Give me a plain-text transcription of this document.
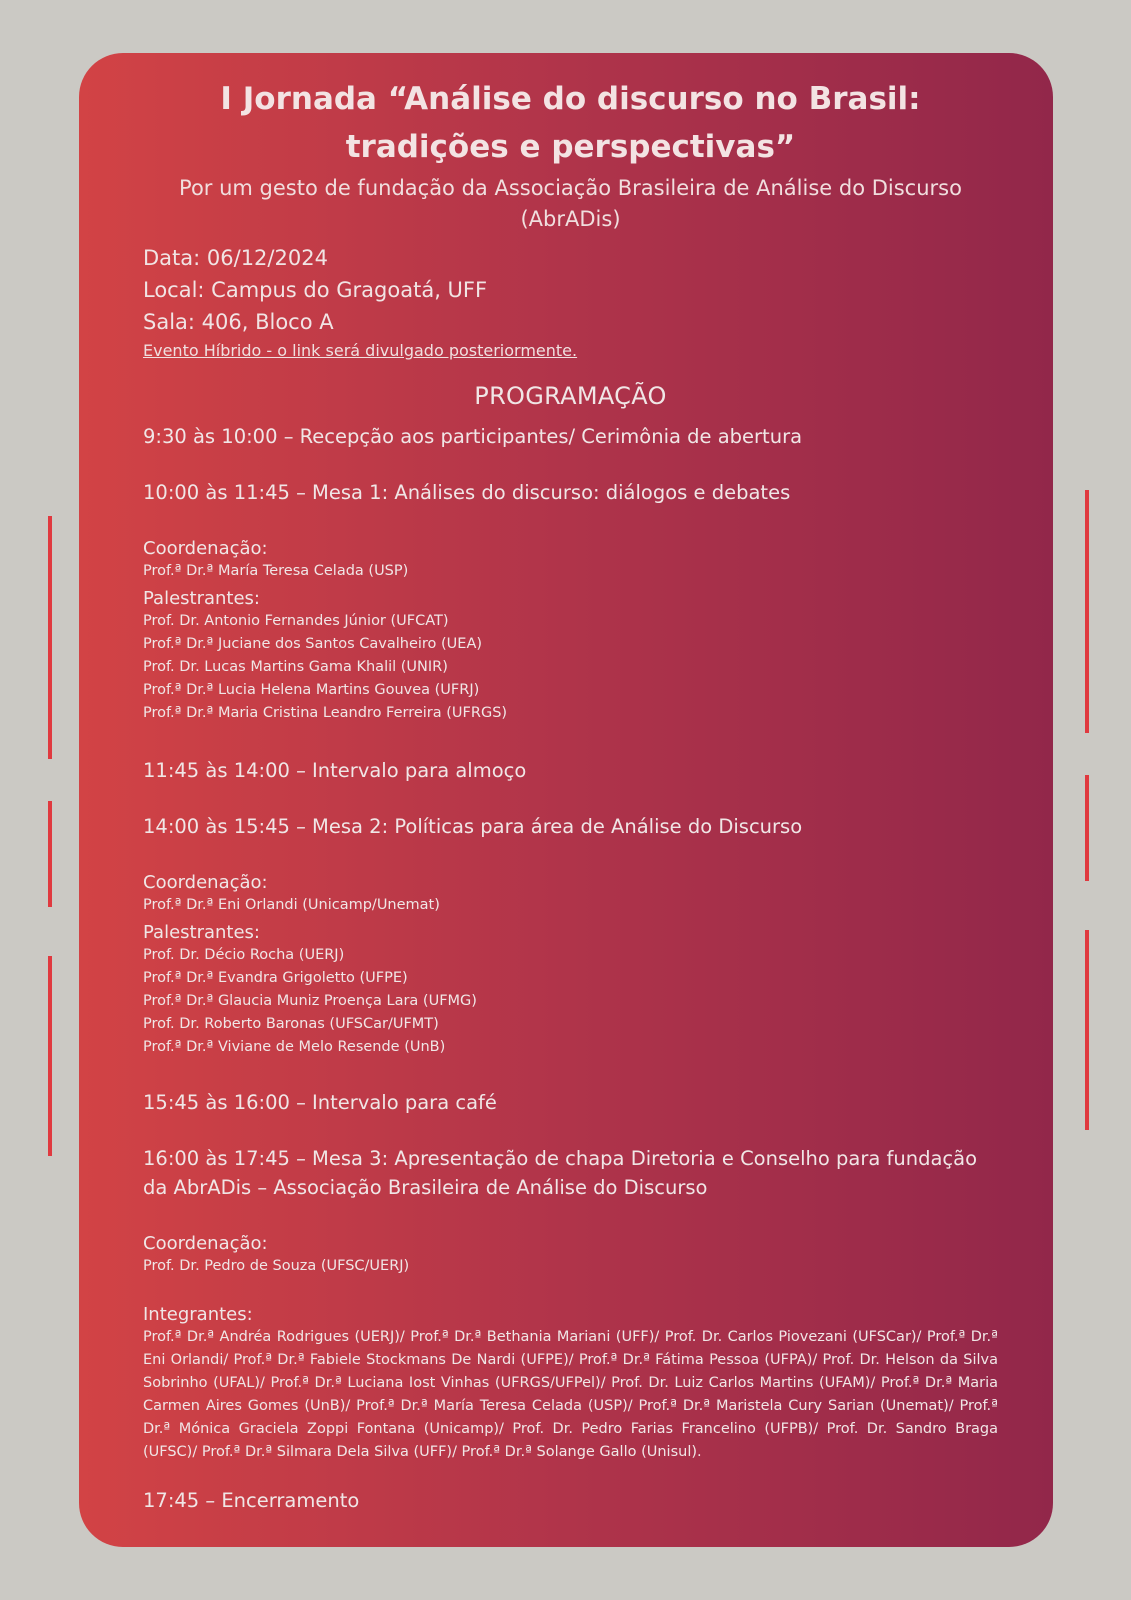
I Jornada “Análise do discurso no Brasil: tradições e perspectivas”
Por um gesto de fundação da Associação Brasileira de Análise do Discurso (AbrADis)
Data: 06/12/2024
Local: Campus do Gragoatá, UFF
Sala: 406, Bloco A
Evento Híbrido - o link será divulgado posteriormente.
PROGRAMAÇÃO
9:30 às 10:00 – Recepção aos participantes/ Cerimônia de abertura
10:00 às 11:45 – Mesa 1: Análises do discurso: diálogos e debates
Coordenação:
Prof.ª Dr.ª María Teresa Celada (USP)
Palestrantes:
Prof. Dr. Antonio Fernandes Júnior (UFCAT)
Prof.ª Dr.ª Juciane dos Santos Cavalheiro (UEA)
Prof. Dr. Lucas Martins Gama Khalil (UNIR)
Prof.ª Dr.ª Lucia Helena Martins Gouvea (UFRJ)
Prof.ª Dr.ª Maria Cristina Leandro Ferreira (UFRGS)
11:45 às 14:00 – Intervalo para almoço
14:00 às 15:45 – Mesa 2: Políticas para área de Análise do Discurso
Coordenação:
Prof.ª Dr.ª Eni Orlandi (Unicamp/Unemat)
Palestrantes:
Prof. Dr. Décio Rocha (UERJ)
Prof.ª Dr.ª Evandra Grigoletto (UFPE)
Prof.ª Dr.ª Glaucia Muniz Proença Lara (UFMG)
Prof. Dr. Roberto Baronas (UFSCar/UFMT)
Prof.ª Dr.ª Viviane de Melo Resende (UnB)
15:45 às 16:00 – Intervalo para café
16:00 às 17:45 – Mesa 3: Apresentação de chapa Diretoria e Conselho para fundação da AbrADis – Associação Brasileira de Análise do Discurso
Coordenação:
Prof. Dr. Pedro de Souza (UFSC/UERJ)
Integrantes:
Prof.ª Dr.ª Andréa Rodrigues (UERJ)/ Prof.ª Dr.ª Bethania Mariani (UFF)/ Prof. Dr. Carlos Piovezani (UFSCar)/ Prof.ª Dr.ª Eni Orlandi/ Prof.ª Dr.ª Fabiele Stockmans De Nardi (UFPE)/ Prof.ª Dr.ª Fátima Pessoa (UFPA)/ Prof. Dr. Helson da Silva Sobrinho (UFAL)/ Prof.ª Dr.ª Luciana Iost Vinhas (UFRGS/UFPel)/ Prof. Dr. Luiz Carlos Martins (UFAM)/ Prof.ª Dr.ª Maria Carmen Aires Gomes (UnB)/ Prof.ª Dr.ª María Teresa Celada (USP)/ Prof.ª Dr.ª Maristela Cury Sarian (Unemat)/ Prof.ª Dr.ª Mónica Graciela Zoppi Fontana (Unicamp)/ Prof. Dr. Pedro Farias Francelino (UFPB)/ Prof. Dr. Sandro Braga (UFSC)/ Prof.ª Dr.ª Silmara Dela Silva (UFF)/ Prof.ª Dr.ª Solange Gallo (Unisul).
17:45 – Encerramento
